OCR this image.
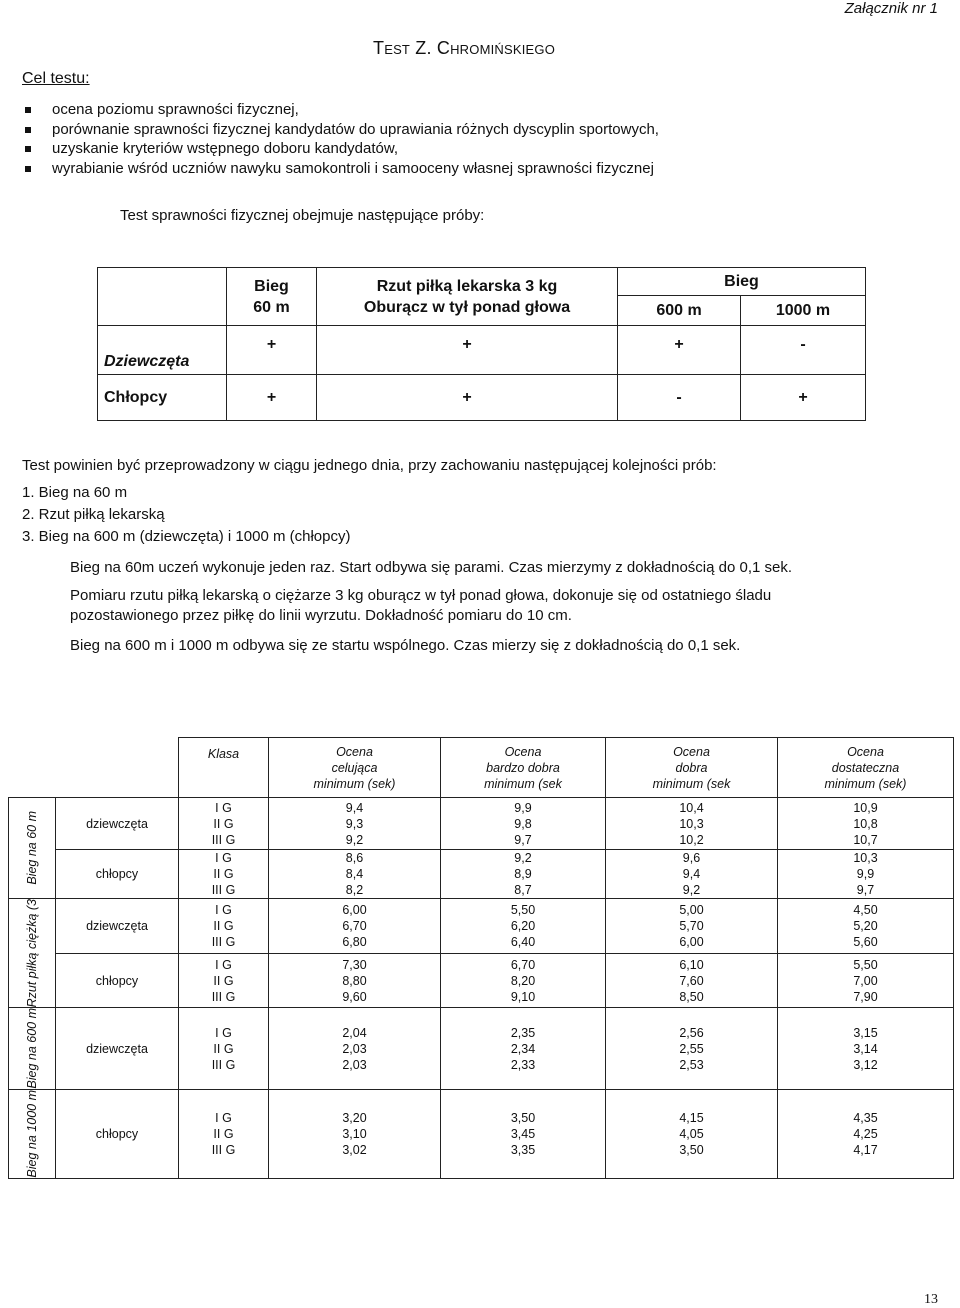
Załącznik nr 1
Test Z. Chromińskiego
Cel testu:
ocena poziomu sprawności fizycznej,
porównanie sprawności fizycznej kandydatów do uprawiania różnych dyscyplin sportowych,
uzyskanie kryteriów wstępnego doboru kandydatów,
wyrabianie wśród uczniów nawyku samokontroli i samooceny własnej sprawności fizycznej
Test sprawności fizycznej obejmuje następujące próby:
	Bieg
60 m	Rzut piłką lekarska 3 kg
Oburącz w tył ponad głowa	Bieg	
			600 m	1000 m
Dziewczęta	+	+	+	-
Chłopcy	+	+	-	+

Test powinien być przeprowadzony w ciągu jednego dnia, przy zachowaniu następującej kolejności prób:

1. Bieg na 60 m

2. Rzut piłką lekarską

3. Bieg na 600 m (dziewczęta) i 1000 m (chłopcy)

Bieg na 60m uczeń wykonuje jeden raz. Start odbywa się parami. Czas mierzymy z dokładnością do 0,1 sek.
Pomiaru rzutu piłką lekarską o ciężarze 3 kg oburącz w tył ponad głowa, dokonuje się od ostatniego śladu
pozostawionego przez piłkę do linii wyrzutu. Dokładność pomiaru do 10 cm.
Bieg na 600 m i 1000 m odbywa się ze startu wspólnego. Czas mierzy się z dokładnością do 0,1 sek.
		Klasa	Ocena
celująca
minimum (sek)	Ocena
bardzo dobra
minimum (sek	Ocena
dobra
minimum (sek	Ocena
dostateczna
minimum (sek)

Bieg na 60 m	dziewczęta	I G
II G
III G	9,4
9,3
9,2	9,9
9,8
9,7	10,4
10,3
10,2	10,9
10,8
10,7
	chłopcy	I G
II G
III G	8,6
8,4
8,2	9,2
8,9
8,7	9,6
9,4
9,2	10,3
9,9
9,7

Rzut piłką ciężką (3	dziewczęta	I G
II G
III G	6,00
6,70
6,80	5,50
6,20
6,40	5,00
5,70
6,00	4,50
5,20
5,60
	chłopcy	I G
II G
III G	7,30
8,80
9,60	6,70
8,20
9,10	6,10
7,60
8,50	5,50
7,00
7,90

Bieg na 600 m	dziewczęta	I G
II G
III G	2,04
2,03
2,03	2,35
2,34
2,33	2,56
2,55
2,53	3,15
3,14
3,12

Bieg na 1000 m	chłopcy	I G
II G
III G	3,20
3,10
3,02	3,50
3,45
3,35	4,15
4,05
3,50	4,35
4,25
4,17
13
